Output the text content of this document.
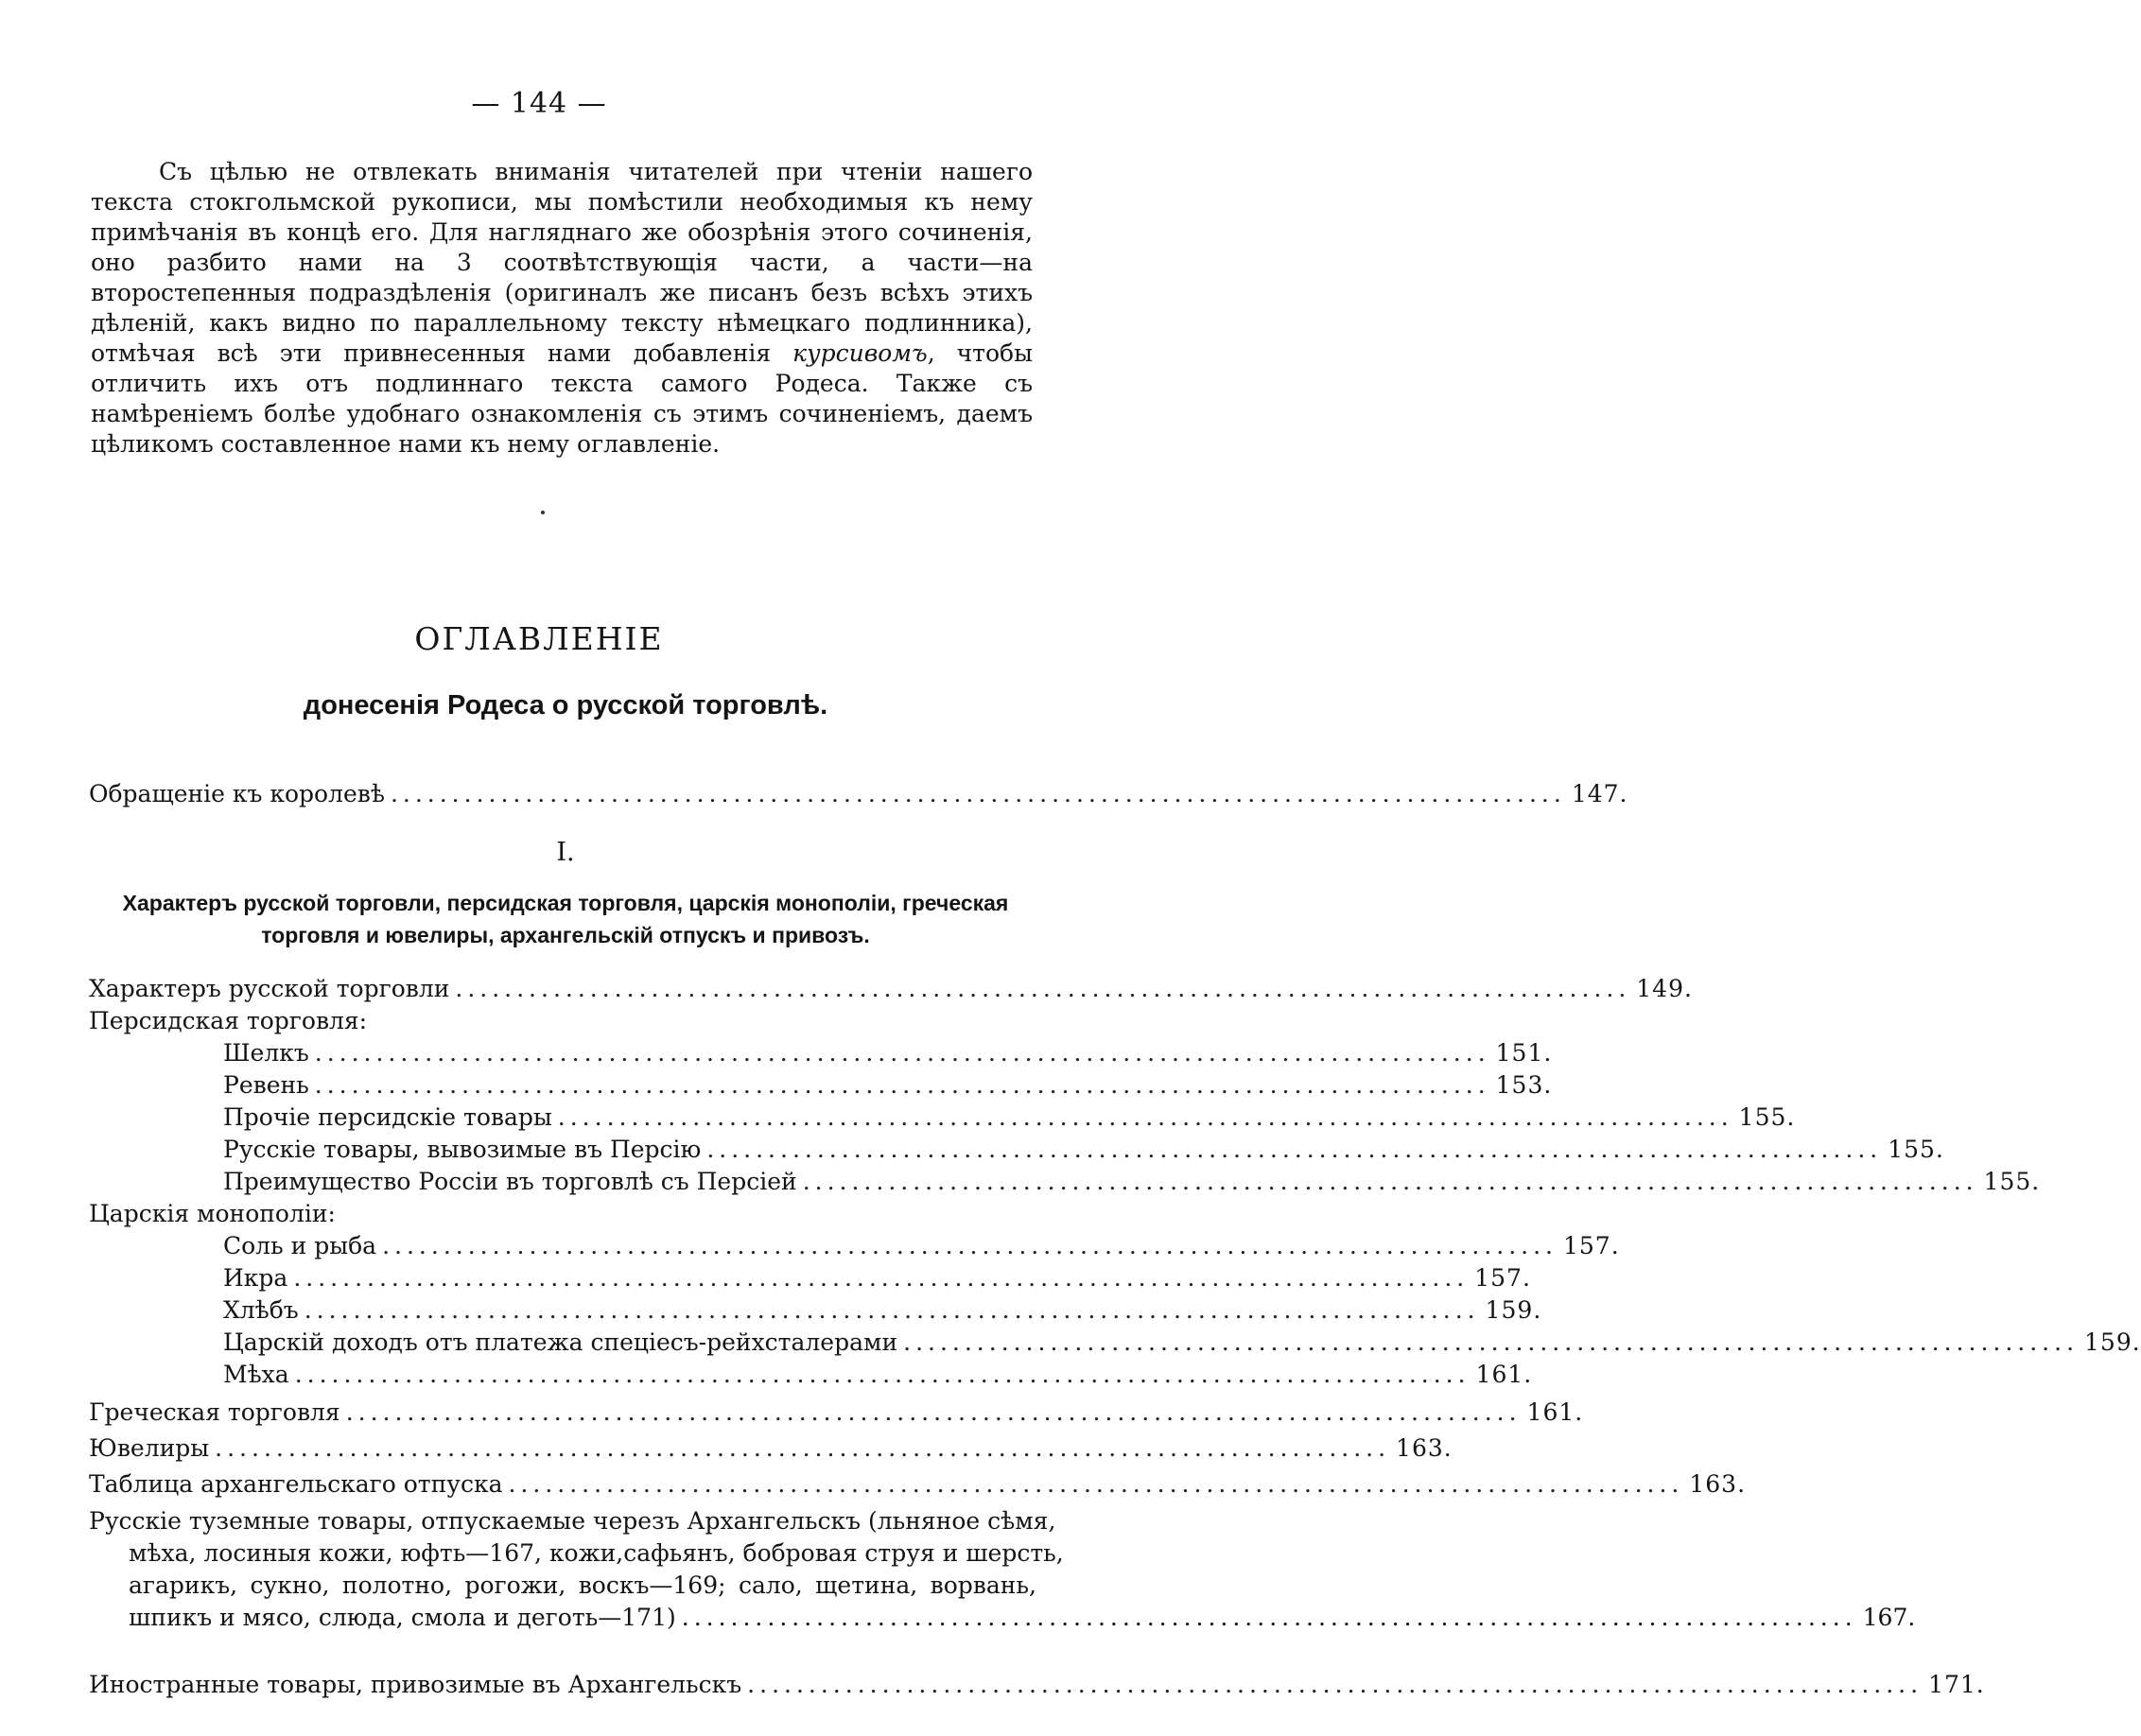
— 144 —

Съ цѣлью не отвлекать вниманія читателей при чтеніи нашего текста стокгольмской рукописи, мы помѣстили необходимыя къ нему примѣчанія въ концѣ его. Для нагляднаго же обозрѣнія этого сочиненія, оно разбито нами на 3 соотвѣтствующія части, а части—на второстепенныя подраздѣленія (оригиналъ же писанъ безъ всѣхъ этихъ дѣленій, какъ видно по параллельному тексту нѣмецкаго подлинника), отмѣчая всѣ эти привнесенныя нами добавленія курсивомъ, чтобы отличить ихъ отъ подлиннаго текста самого Родеса. Также съ намѣреніемъ болѣе удобнаго ознакомленія съ этимъ сочиненіемъ, даемъ цѣликомъ составленное нами къ нему оглавленіе.

ОГЛАВЛЕНІЕ
донесенія Родеса о русской торговлѣ.
Обращеніе къ королевѣ ................................................................................................ 147.
I.
Характеръ русской торговли, персидская торговля, царскія монополіи, греческая
торговля и ювелиры, архангельскій отпускъ и привозъ.
Характеръ русской торговли ................................................................................................ 149.
Персидская торговля:
Шелкъ ................................................................................................ 151.
Ревень ................................................................................................ 153.
Прочіе персидскіе товары ................................................................................................ 155.
Русскіе товары, вывозимые въ Персію ................................................................................................ 155.
Преимущество Россіи въ торговлѣ съ Персіей ................................................................................................ 155.
Царскія монополіи:
Соль и рыба ................................................................................................ 157.
Икра ................................................................................................ 157.
Хлѣбъ ................................................................................................ 159.
Царскій доходъ отъ платежа спецiесъ-рейхсталерами ................................................................................................ 159.
Мѣха ................................................................................................ 161.
Греческая торговля ................................................................................................ 161.
Ювелиры ................................................................................................ 163.
Таблица архангельскаго отпуска ................................................................................................ 163.
Русскіе туземные товары, отпускаемые черезъ Архангельскъ (льняное сѣмя,
мѣха, лосиныя кожи, юфть—167, кожи,сафьянъ, бобровая струя и шерсть,
агарикъ, сукно, полотно, рогожи, воскъ—169; сало, щетина, ворвань,
шпикъ и мясо, слюда, смола и деготь—171) ................................................................................................ 167.
Иностранные товары, привозимые въ Архангельскъ ................................................................................................ 171.
